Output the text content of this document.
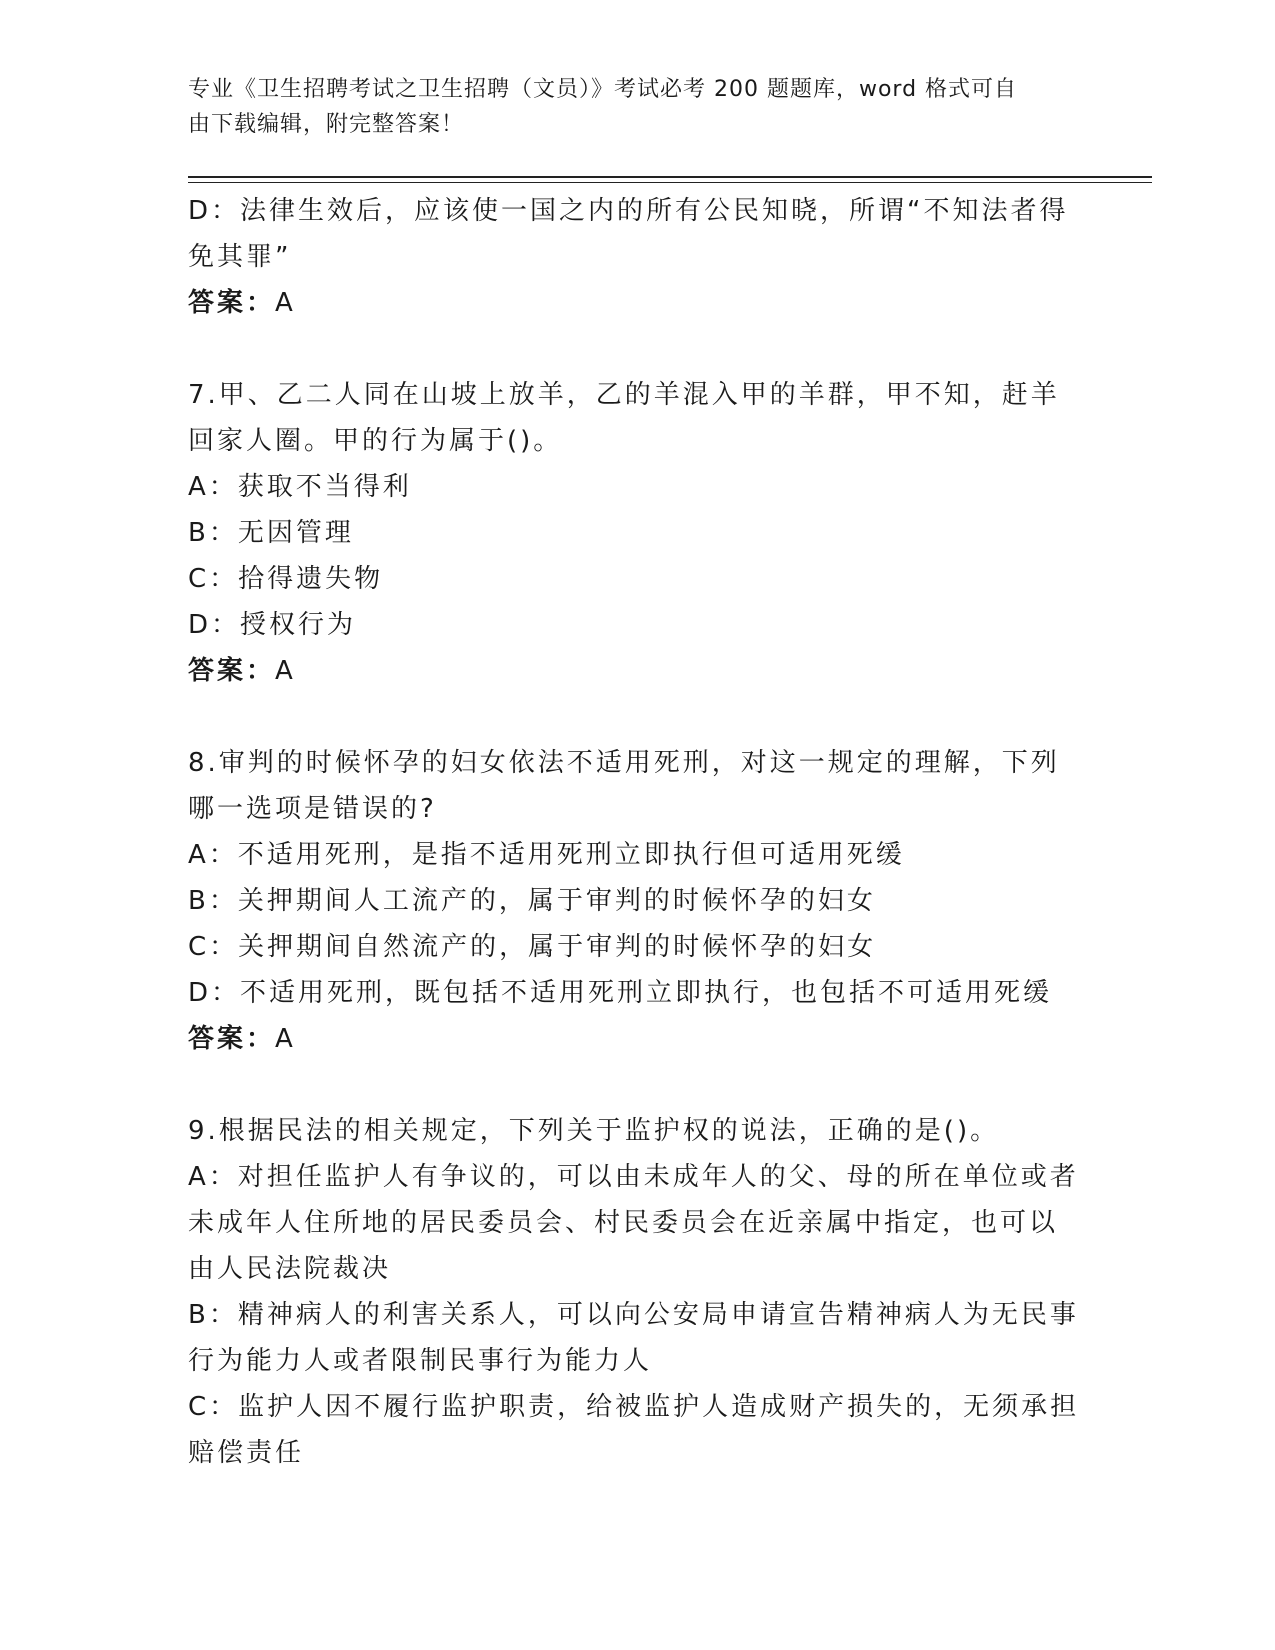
专业《卫生招聘考试之卫生招聘（文员）》考试必考 200 题题库，word 格式可自
由下载编辑，附完整答案！
D：法律生效后，应该使一国之内的所有公民知晓，所谓“不知法者得
免其罪”
答案：A
7.甲、乙二人同在山坡上放羊，乙的羊混入甲的羊群，甲不知，赶羊
回家人圈。甲的行为属于()。
A：获取不当得利
B：无因管理
C：拾得遗失物
D：授权行为
答案：A
8.审判的时候怀孕的妇女依法不适用死刑，对这一规定的理解，下列
哪一选项是错误的?
A：不适用死刑，是指不适用死刑立即执行但可适用死缓
B：关押期间人工流产的，属于审判的时候怀孕的妇女
C：关押期间自然流产的，属于审判的时候怀孕的妇女
D：不适用死刑，既包括不适用死刑立即执行，也包括不可适用死缓
答案：A
9.根据民法的相关规定，下列关于监护权的说法，正确的是()。
A：对担任监护人有争议的，可以由未成年人的父、母的所在单位或者
未成年人住所地的居民委员会、村民委员会在近亲属中指定，也可以
由人民法院裁决
B：精神病人的利害关系人，可以向公安局申请宣告精神病人为无民事
行为能力人或者限制民事行为能力人
C：监护人因不履行监护职责，给被监护人造成财产损失的，无须承担
赔偿责任
